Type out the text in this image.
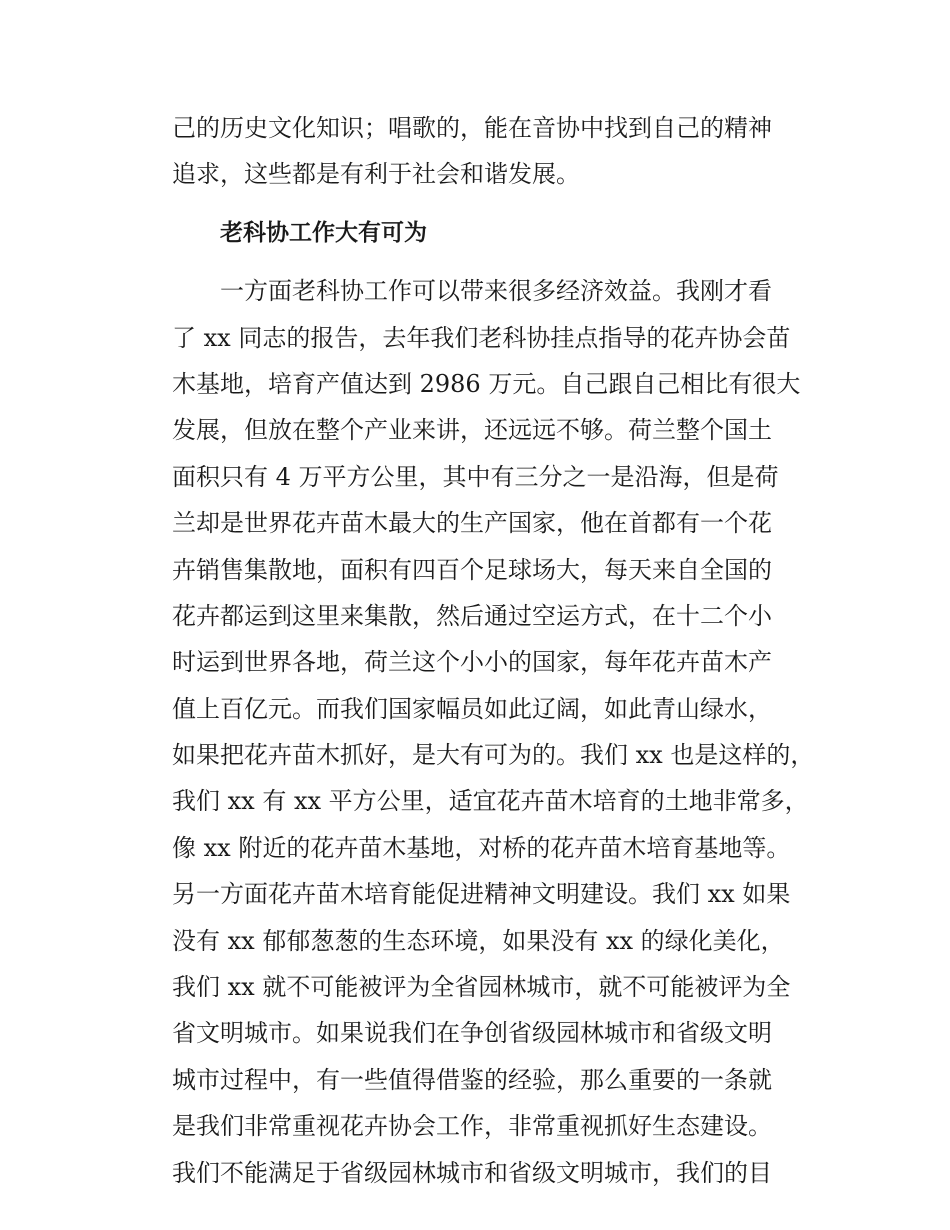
己的历史文化知识；唱歌的，能在音协中找到自己的精神
追求，这些都是有利于社会和谐发展。
老科协工作大有可为
一方面老科协工作可以带来很多经济效益。我刚才看
了 xx 同志的报告，去年我们老科协挂点指导的花卉协会苗
木基地，培育产值达到 2986 万元。自己跟自己相比有很大
发展，但放在整个产业来讲，还远远不够。荷兰整个国土
面积只有 4 万平方公里，其中有三分之一是沿海，但是荷
兰却是世界花卉苗木最大的生产国家，他在首都有一个花
卉销售集散地，面积有四百个足球场大，每天来自全国的
花卉都运到这里来集散，然后通过空运方式，在十二个小
时运到世界各地，荷兰这个小小的国家，每年花卉苗木产
值上百亿元。而我们国家幅员如此辽阔，如此青山绿水，
如果把花卉苗木抓好，是大有可为的。我们 xx 也是这样的，
我们 xx 有 xx 平方公里，适宜花卉苗木培育的土地非常多，
像 xx 附近的花卉苗木基地，对桥的花卉苗木培育基地等。
另一方面花卉苗木培育能促进精神文明建设。我们 xx 如果
没有 xx 郁郁葱葱的生态环境，如果没有 xx 的绿化美化，
我们 xx 就不可能被评为全省园林城市，就不可能被评为全
省文明城市。如果说我们在争创省级园林城市和省级文明
城市过程中，有一些值得借鉴的经验，那么重要的一条就
是我们非常重视花卉协会工作，非常重视抓好生态建设。
我们不能满足于省级园林城市和省级文明城市，我们的目
